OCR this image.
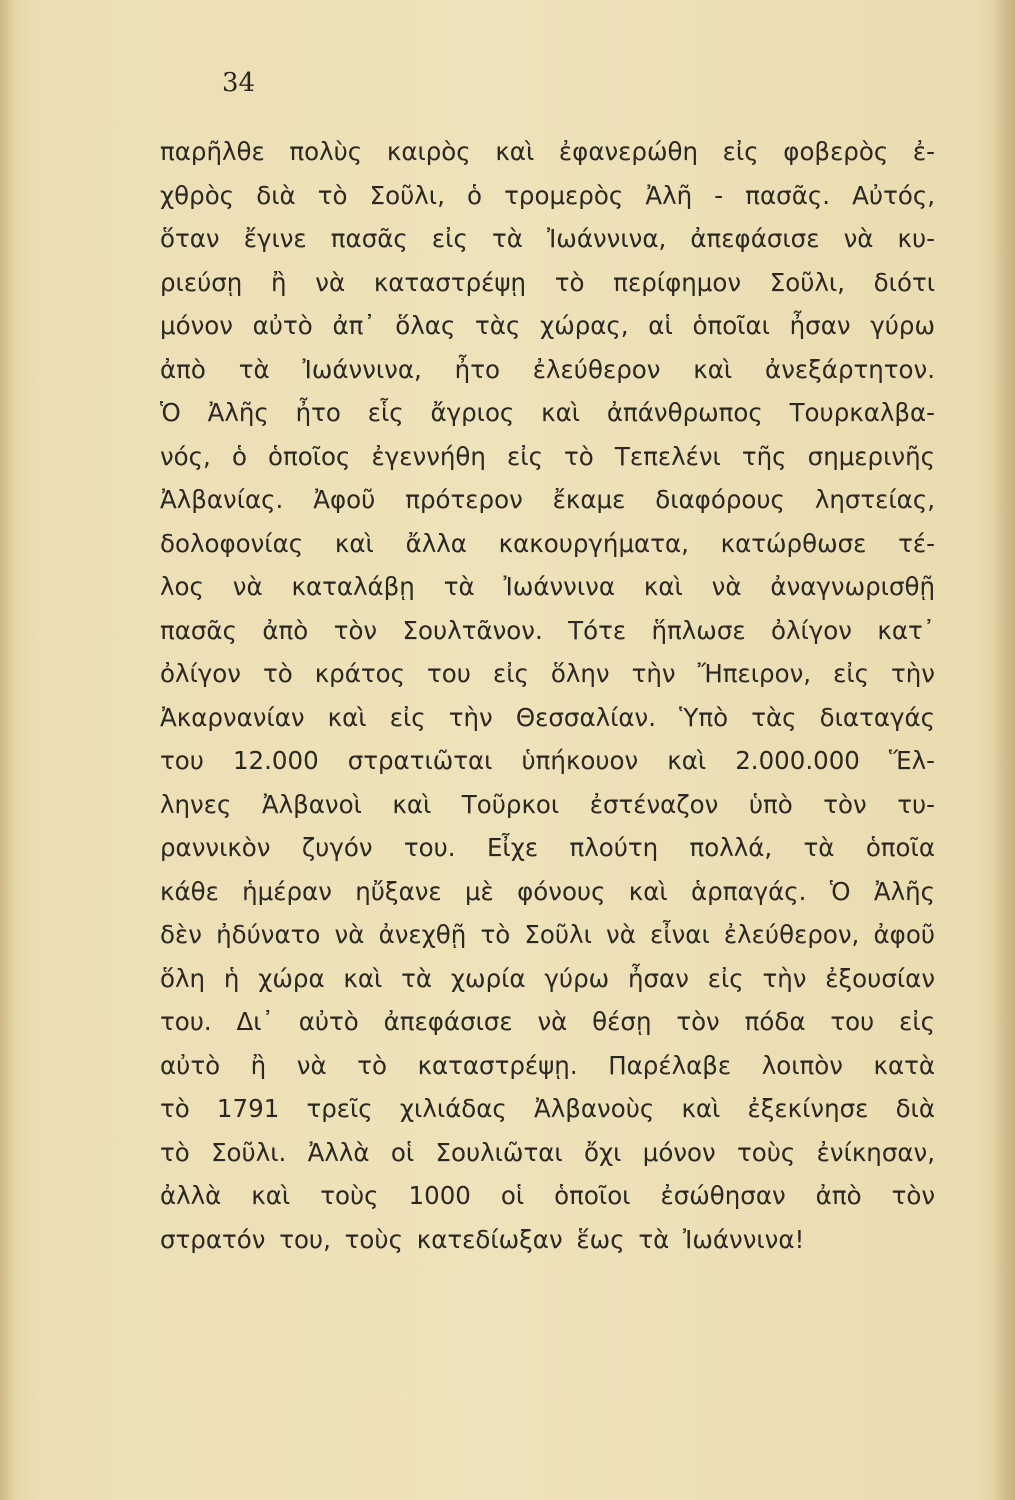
34
παρῆλθε πολὺς καιρὸς καὶ ἐφανερώθη εἰς φοβερὸς ἐ-
χθρὸς διὰ τὸ Σοῦλι, ὁ τρομερὸς Ἀλῆ - πασᾶς. Αὐτός,
ὅταν ἔγινε πασᾶς εἰς τὰ Ἰωάννινα, ἀπεφάσισε νὰ κυ-
ριεύσῃ ἢ νὰ καταστρέψῃ τὸ περίφημον Σοῦλι, διότι
μόνον αὐτὸ ἀπ᾽ ὅλας τὰς χώρας, αἱ ὁποῖαι ἦσαν γύρω
ἀπὸ τὰ Ἰωάννινα, ἦτο ἐλεύθερον καὶ ἀνεξάρτητον.
Ὁ Ἀλῆς ἦτο εἷς ἄγριος καὶ ἀπάνθρωπος Τουρκαλβα-
νός, ὁ ὁποῖος ἐγεννήθη εἰς τὸ Τεπελένι τῆς σημερινῆς
Ἀλβανίας. Ἀφοῦ πρότερον ἔκαμε διαφόρους ληστείας,
δολοφονίας καὶ ἄλλα κακουργήματα, κατώρθωσε τέ-
λος νὰ καταλάβῃ τὰ Ἰωάννινα καὶ νὰ ἀναγνωρισθῇ
πασᾶς ἀπὸ τὸν Σουλτᾶνον. Τότε ἥπλωσε ὀλίγον κατ᾽
ὀλίγον τὸ κράτος του εἰς ὅλην τὴν Ἤπειρον, εἰς τὴν
Ἀκαρνανίαν καὶ εἰς τὴν Θεσσαλίαν. Ὑπὸ τὰς διαταγάς
του 12.000 στρατιῶται ὑπήκουον καὶ 2.000.000 Ἕλ-
ληνες Ἀλβανοὶ καὶ Τοῦρκοι ἐστέναζον ὑπὸ τὸν τυ-
ραννικὸν ζυγόν του. Εἶχε πλούτη πολλά, τὰ ὁποῖα
κάθε ἡμέραν ηὔξανε μὲ φόνους καὶ ἁρπαγάς. Ὁ Ἀλῆς
δὲν ἠδύνατο νὰ ἀνεχθῇ τὸ Σοῦλι νὰ εἶναι ἐλεύθερον, ἀφοῦ
ὅλη ἡ χώρα καὶ τὰ χωρία γύρω ἦσαν εἰς τὴν ἐξουσίαν
του. Δι᾽ αὐτὸ ἀπεφάσισε νὰ θέσῃ τὸν πόδα του εἰς
αὐτὸ ἢ νὰ τὸ καταστρέψῃ. Παρέλαβε λοιπὸν κατὰ
τὸ 1791 τρεῖς χιλιάδας Ἀλβανοὺς καὶ ἐξεκίνησε διὰ
τὸ Σοῦλι. Ἀλλὰ οἱ Σουλιῶται ὄχι μόνον τοὺς ἐνίκησαν,
ἀλλὰ καὶ τοὺς 1000 οἱ ὁποῖοι ἐσώθησαν ἀπὸ τὸν
στρατόν του, τοὺς κατεδίωξαν ἕως τὰ Ἰωάννινα!
